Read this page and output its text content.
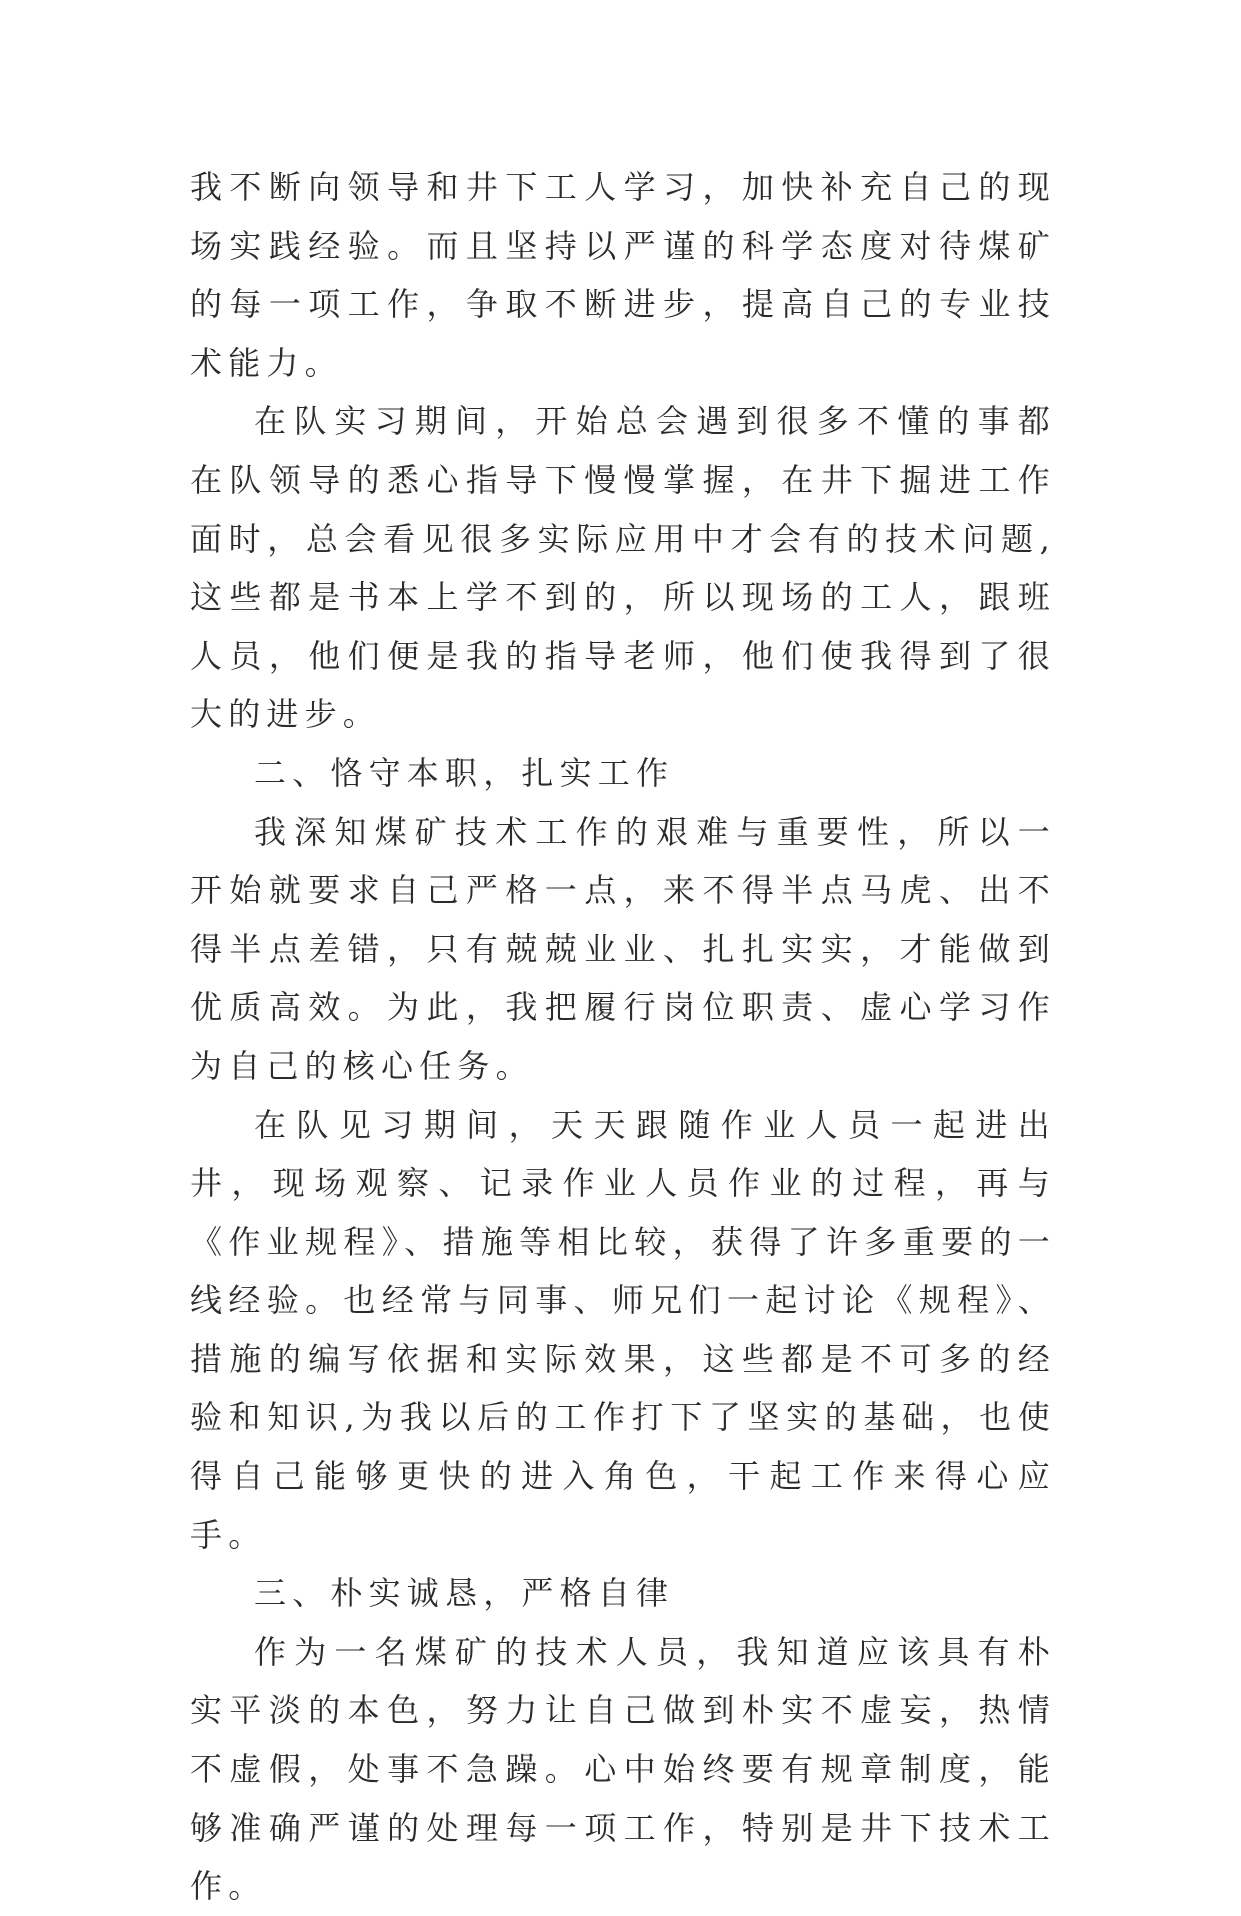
我不断向领导和井下工人学习，加快补充自己的现场实践经验。而且坚持以严谨的科学态度对待煤矿的每一项工作，争取不断进步，提高自己的专业技术能力。

在队实习期间，开始总会遇到很多不懂的事都在队领导的悉心指导下慢慢掌握，在井下掘进工作面时，总会看见很多实际应用中才会有的技术问题,这些都是书本上学不到的，所以现场的工人，跟班人员，他们便是我的指导老师，他们使我得到了很大的进步。

二、恪守本职，扎实工作

我深知煤矿技术工作的艰难与重要性，所以一开始就要求自己严格一点，来不得半点马虎、出不得半点差错，只有兢兢业业、扎扎实实，才能做到优质高效。为此，我把履行岗位职责、虚心学习作为自己的核心任务。

在队见习期间，天天跟随作业人员一起进出井，现场观察、记录作业人员作业的过程，再与《作业规程》、措施等相比较，获得了许多重要的一线经验。也经常与同事、师兄们一起讨论《规程》、措施的编写依据和实际效果，这些都是不可多的经验和知识,为我以后的工作打下了坚实的基础，也使得自己能够更快的进入角色，干起工作来得心应手。

三、朴实诚恳，严格自律

作为一名煤矿的技术人员，我知道应该具有朴实平淡的本色，努力让自己做到朴实不虚妄，热情不虚假，处事不急躁。心中始终要有规章制度，能够准确严谨的处理每一项工作，特别是井下技术工作。
